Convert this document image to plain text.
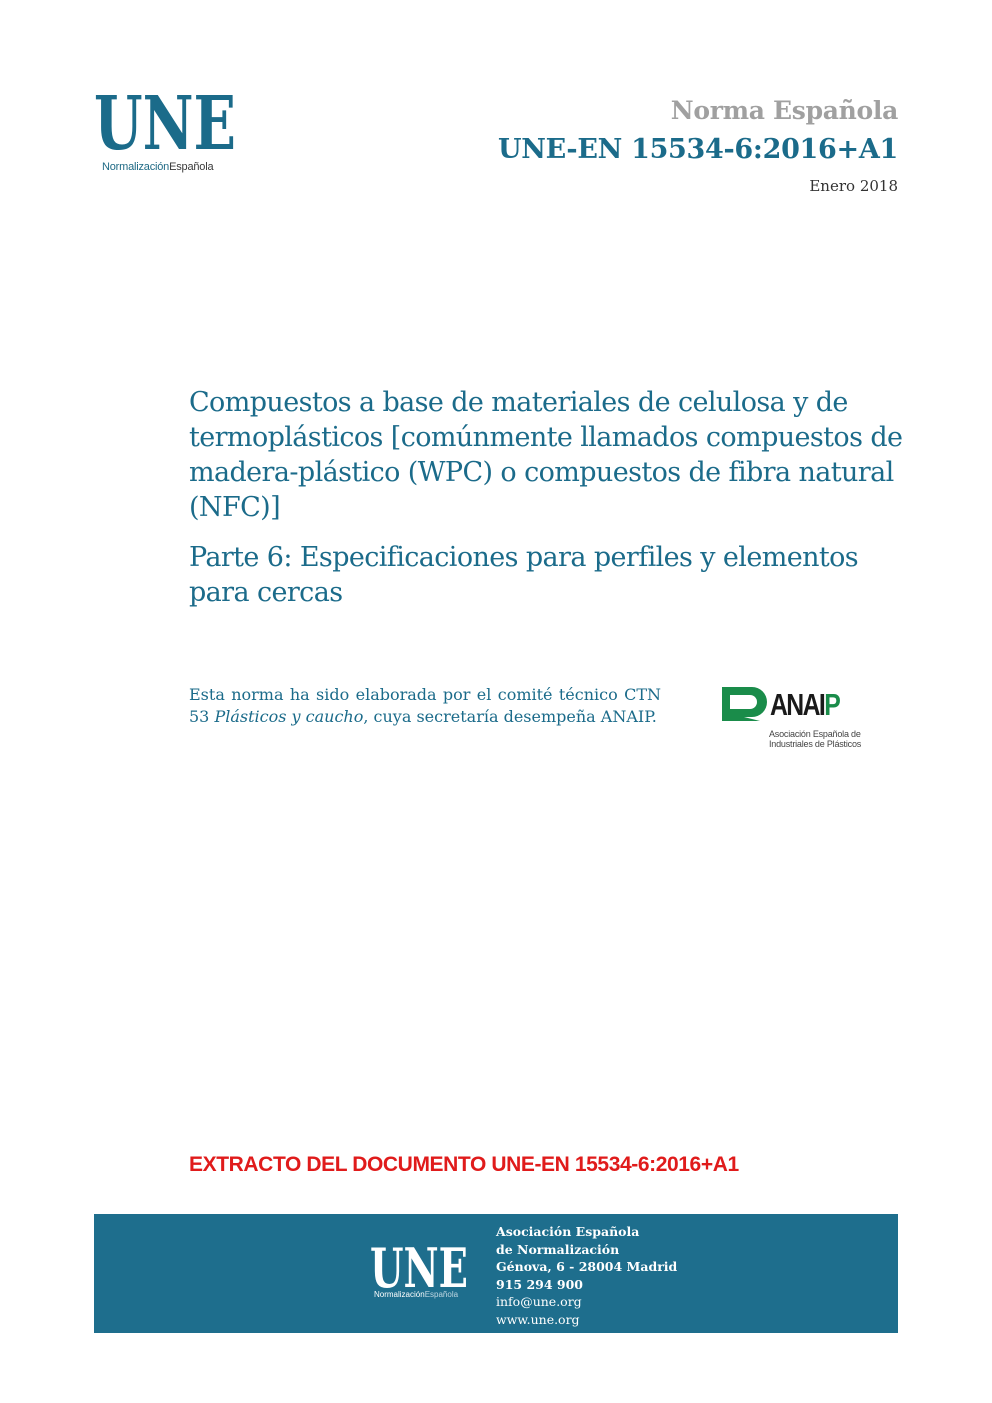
UNE
NormalizaciónEspañola
Norma Española
UNE-EN 15534-6:2016+A1
Enero 2018
Compuestos a base de materiales de celulosa y de termoplásticos [comúnmente llamados compuestos de madera-plástico (WPC) o compuestos de fibra natural (NFC)]
Parte 6: Especificaciones para perfiles y elementos para cercas
Esta norma ha sido elaborada por el comité técnico CTN 53 Plásticos y caucho, cuya secretaría desempeña ANAIP.	ANAIP
Asociación Española de
Industriales de Plásticos
EXTRACTO DEL DOCUMENTO UNE-EN 15534-6:2016+A1
UNE
NormalizaciónEspañola
Asociación Española
de Normalización
Génova, 6 - 28004 Madrid
915 294 900
info@une.org
www.une.org
